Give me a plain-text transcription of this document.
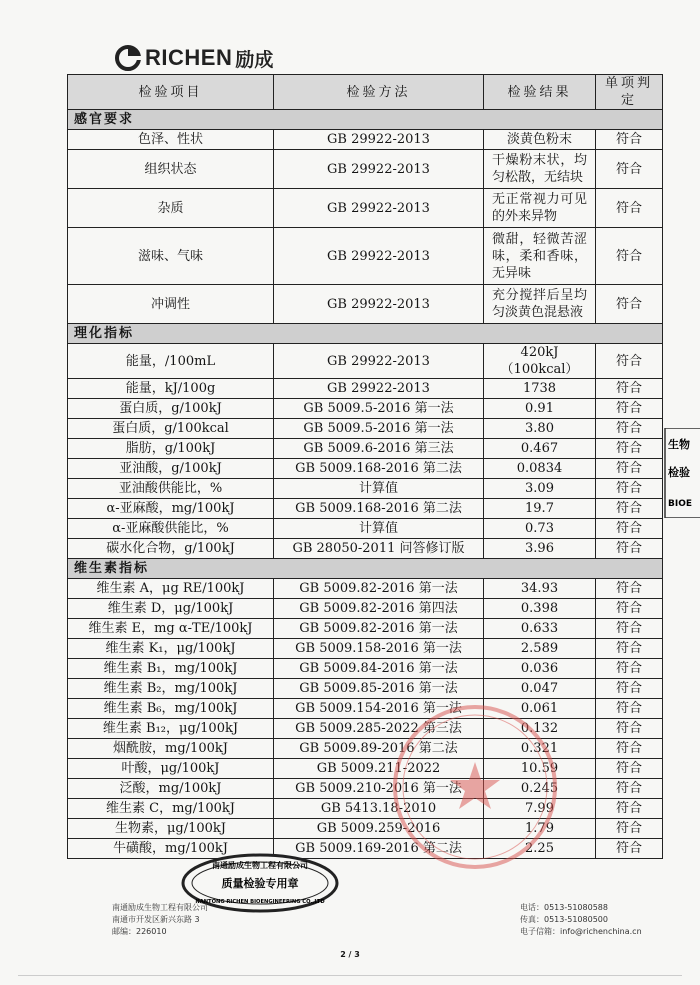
RICHEN 励成
检验项目	检验方法	检验结果	单项判定
感官要求			
色泽、性状	GB 29922-2013	淡黄色粉末	符合
组织状态	GB 29922-2013	干燥粉末状，均匀松散，无结块	符合
杂质	GB 29922-2013	无正常视力可见的外来异物	符合
滋味、气味	GB 29922-2013	微甜，轻微苦涩味，柔和香味，无异味	符合
冲调性	GB 29922-2013	充分搅拌后呈均匀淡黄色混悬液	符合
理化指标			
能量，/100mL	GB 29922-2013	420kJ（100kcal）	符合
能量，kJ/100g	GB 29922-2013	1738	符合
蛋白质，g/100kJ	GB 5009.5-2016 第一法	0.91	符合
蛋白质，g/100kcal	GB 5009.5-2016 第一法	3.80	符合
脂肪，g/100kJ	GB 5009.6-2016 第三法	0.467	符合
亚油酸，g/100kJ	GB 5009.168-2016 第二法	0.0834	符合
亚油酸供能比，%	计算值	3.09	符合
α-亚麻酸，mg/100kJ	GB 5009.168-2016 第二法	19.7	符合
α-亚麻酸供能比，%	计算值	0.73	符合
碳水化合物，g/100kJ	GB 28050-2011 问答修订版	3.96	符合
维生素指标			
维生素 A，μg RE/100kJ	GB 5009.82-2016 第一法	34.93	符合
维生素 D，μg/100kJ	GB 5009.82-2016 第四法	0.398	符合
维生素 E，mg α-TE/100kJ	GB 5009.82-2016 第一法	0.633	符合
维生素 K₁，μg/100kJ	GB 5009.158-2016 第一法	2.589	符合
维生素 B₁，mg/100kJ	GB 5009.84-2016 第一法	0.036	符合
维生素 B₂，mg/100kJ	GB 5009.85-2016 第一法	0.047	符合
维生素 B₆，mg/100kJ	GB 5009.154-2016 第一法	0.061	符合
维生素 B₁₂，μg/100kJ	GB 5009.285-2022 第三法	0.132	符合
烟酰胺，mg/100kJ	GB 5009.89-2016 第二法	0.321	符合
叶酸，μg/100kJ	GB 5009.211-2022	10.59	符合
泛酸，mg/100kJ	GB 5009.210-2016 第一法	0.245	符合
维生素 C，mg/100kJ	GB 5413.18-2010	7.99	符合
生物素，μg/100kJ	GB 5009.259-2016	1.79	符合
牛磺酸，mg/100kJ	GB 5009.169-2016 第二法	2.25	符合
生物
检验
BIOE
南通励成生物工程有限公司
质量检验专用章
NANTONG RICHEN BIOENGINEERING CO.,LTD
南通励成生物工程有限公司
南通市开发区新兴东路 3
邮编：226010
电话：0513-51080588
传真：0513-51080500
电子信箱：info@richenchina.cn
2 / 3
